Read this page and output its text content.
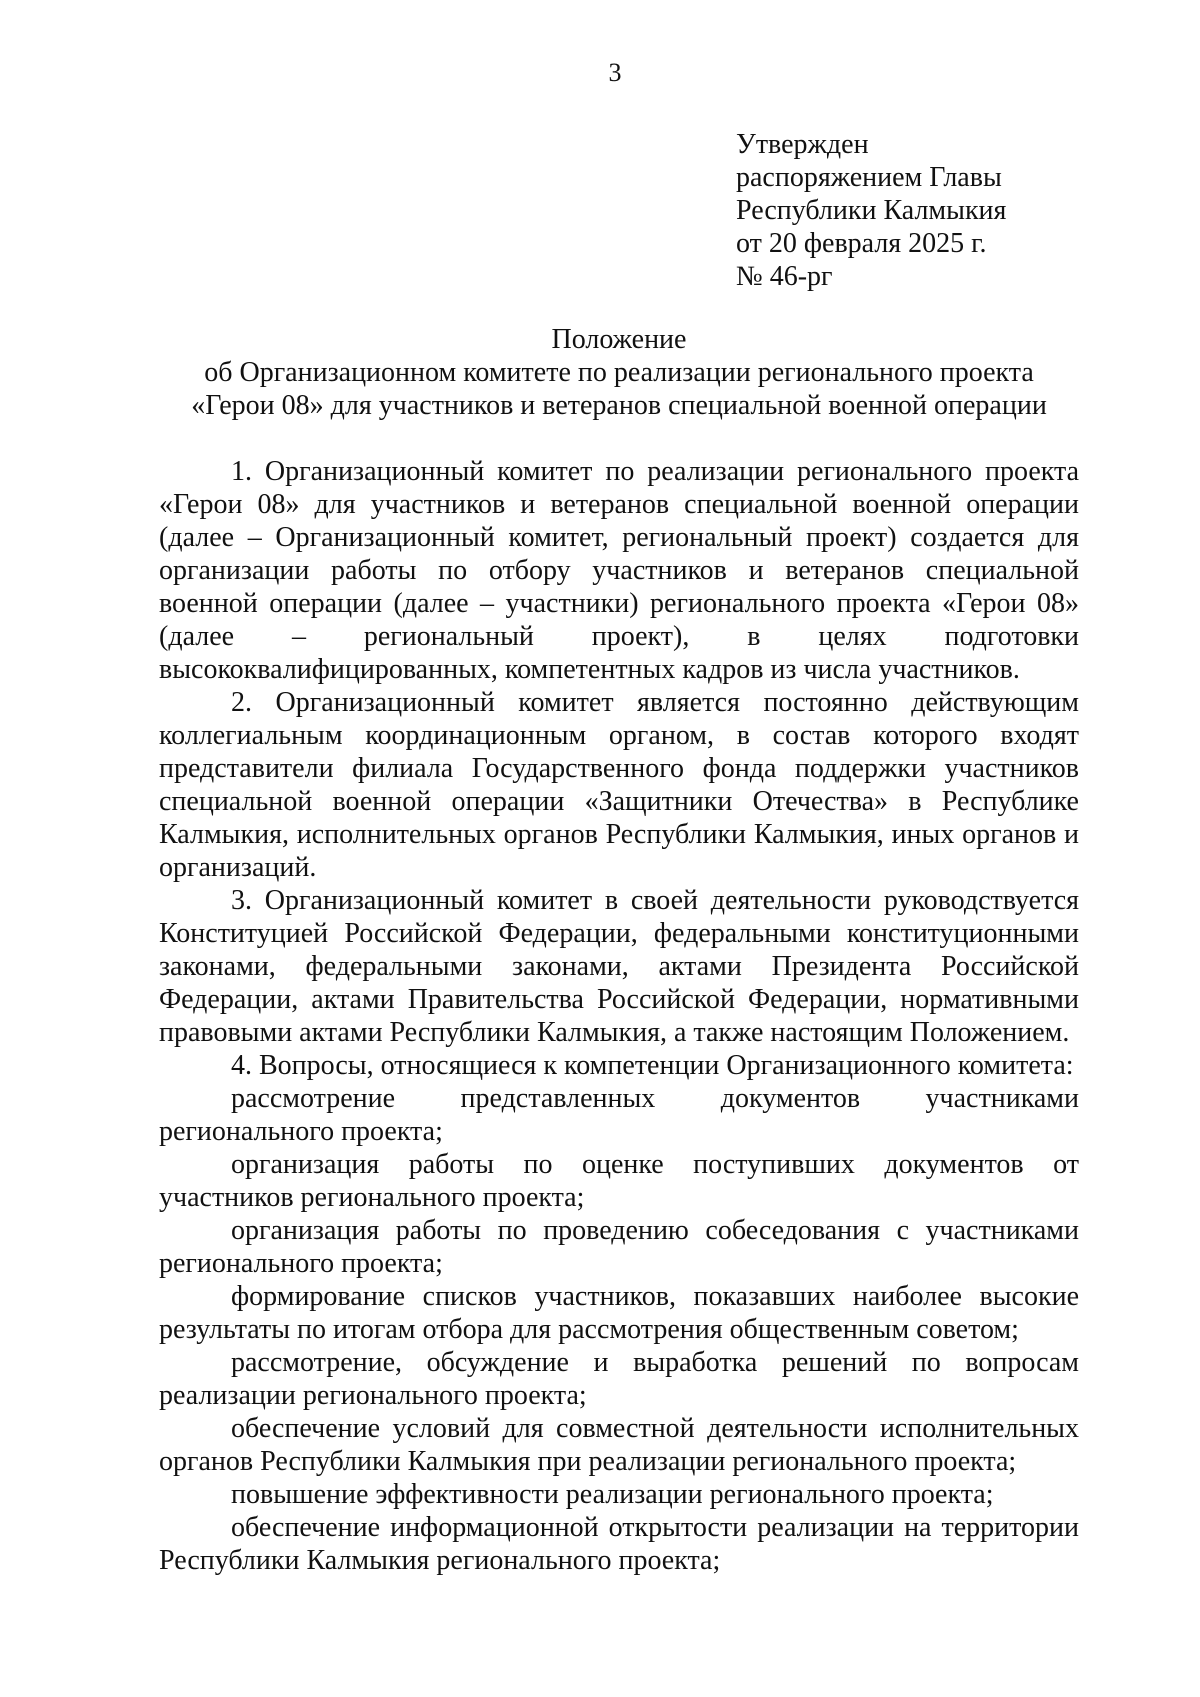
3
Утвержден
распоряжением Главы
Республики Калмыкия
от 20 февраля 2025 г.
№ 46-рг
Положение
об Организационном комитете по реализации регионального проекта «Герои 08» для участников и ветеранов специальной военной операции

1. Организационный комитет по реализации регионального проекта «Герои 08» для участников и ветеранов специальной военной операции (далее – Организационный комитет, региональный проект) создается для организации работы по отбору участников и ветеранов специальной военной операции (далее – участники) регионального проекта «Герои 08» (далее – региональный проект), в целях подготовки высококвалифицированных, компетентных кадров из числа участников.

2. Организационный комитет является постоянно действующим коллегиальным координационным органом, в состав которого входят представители филиала Государственного фонда поддержки участников специальной военной операции «Защитники Отечества» в Республике Калмыкия, исполнительных органов Республики Калмыкия, иных органов и организаций.

3. Организационный комитет в своей деятельности руководствуется Конституцией Российской Федерации, федеральными конституционными законами, федеральными законами, актами Президента Российской Федерации, актами Правительства Российской Федерации, нормативными правовыми актами Республики Калмыкия, а также настоящим Положением.

4. Вопросы, относящиеся к компетенции Организационного комитета:

рассмотрение представленных документов участниками регионального проекта;

организация работы по оценке поступивших документов от участников регионального проекта;

организация работы по проведению собеседования с участниками регионального проекта;

формирование списков участников, показавших наиболее высокие результаты по итогам отбора для рассмотрения общественным советом;

рассмотрение, обсуждение и выработка решений по вопросам реализации регионального проекта;

обеспечение условий для совместной деятельности исполнительных органов Республики Калмыкия при реализации регионального проекта;

повышение эффективности реализации регионального проекта;

обеспечение информационной открытости реализации на территории Республики Калмыкия регионального проекта;
